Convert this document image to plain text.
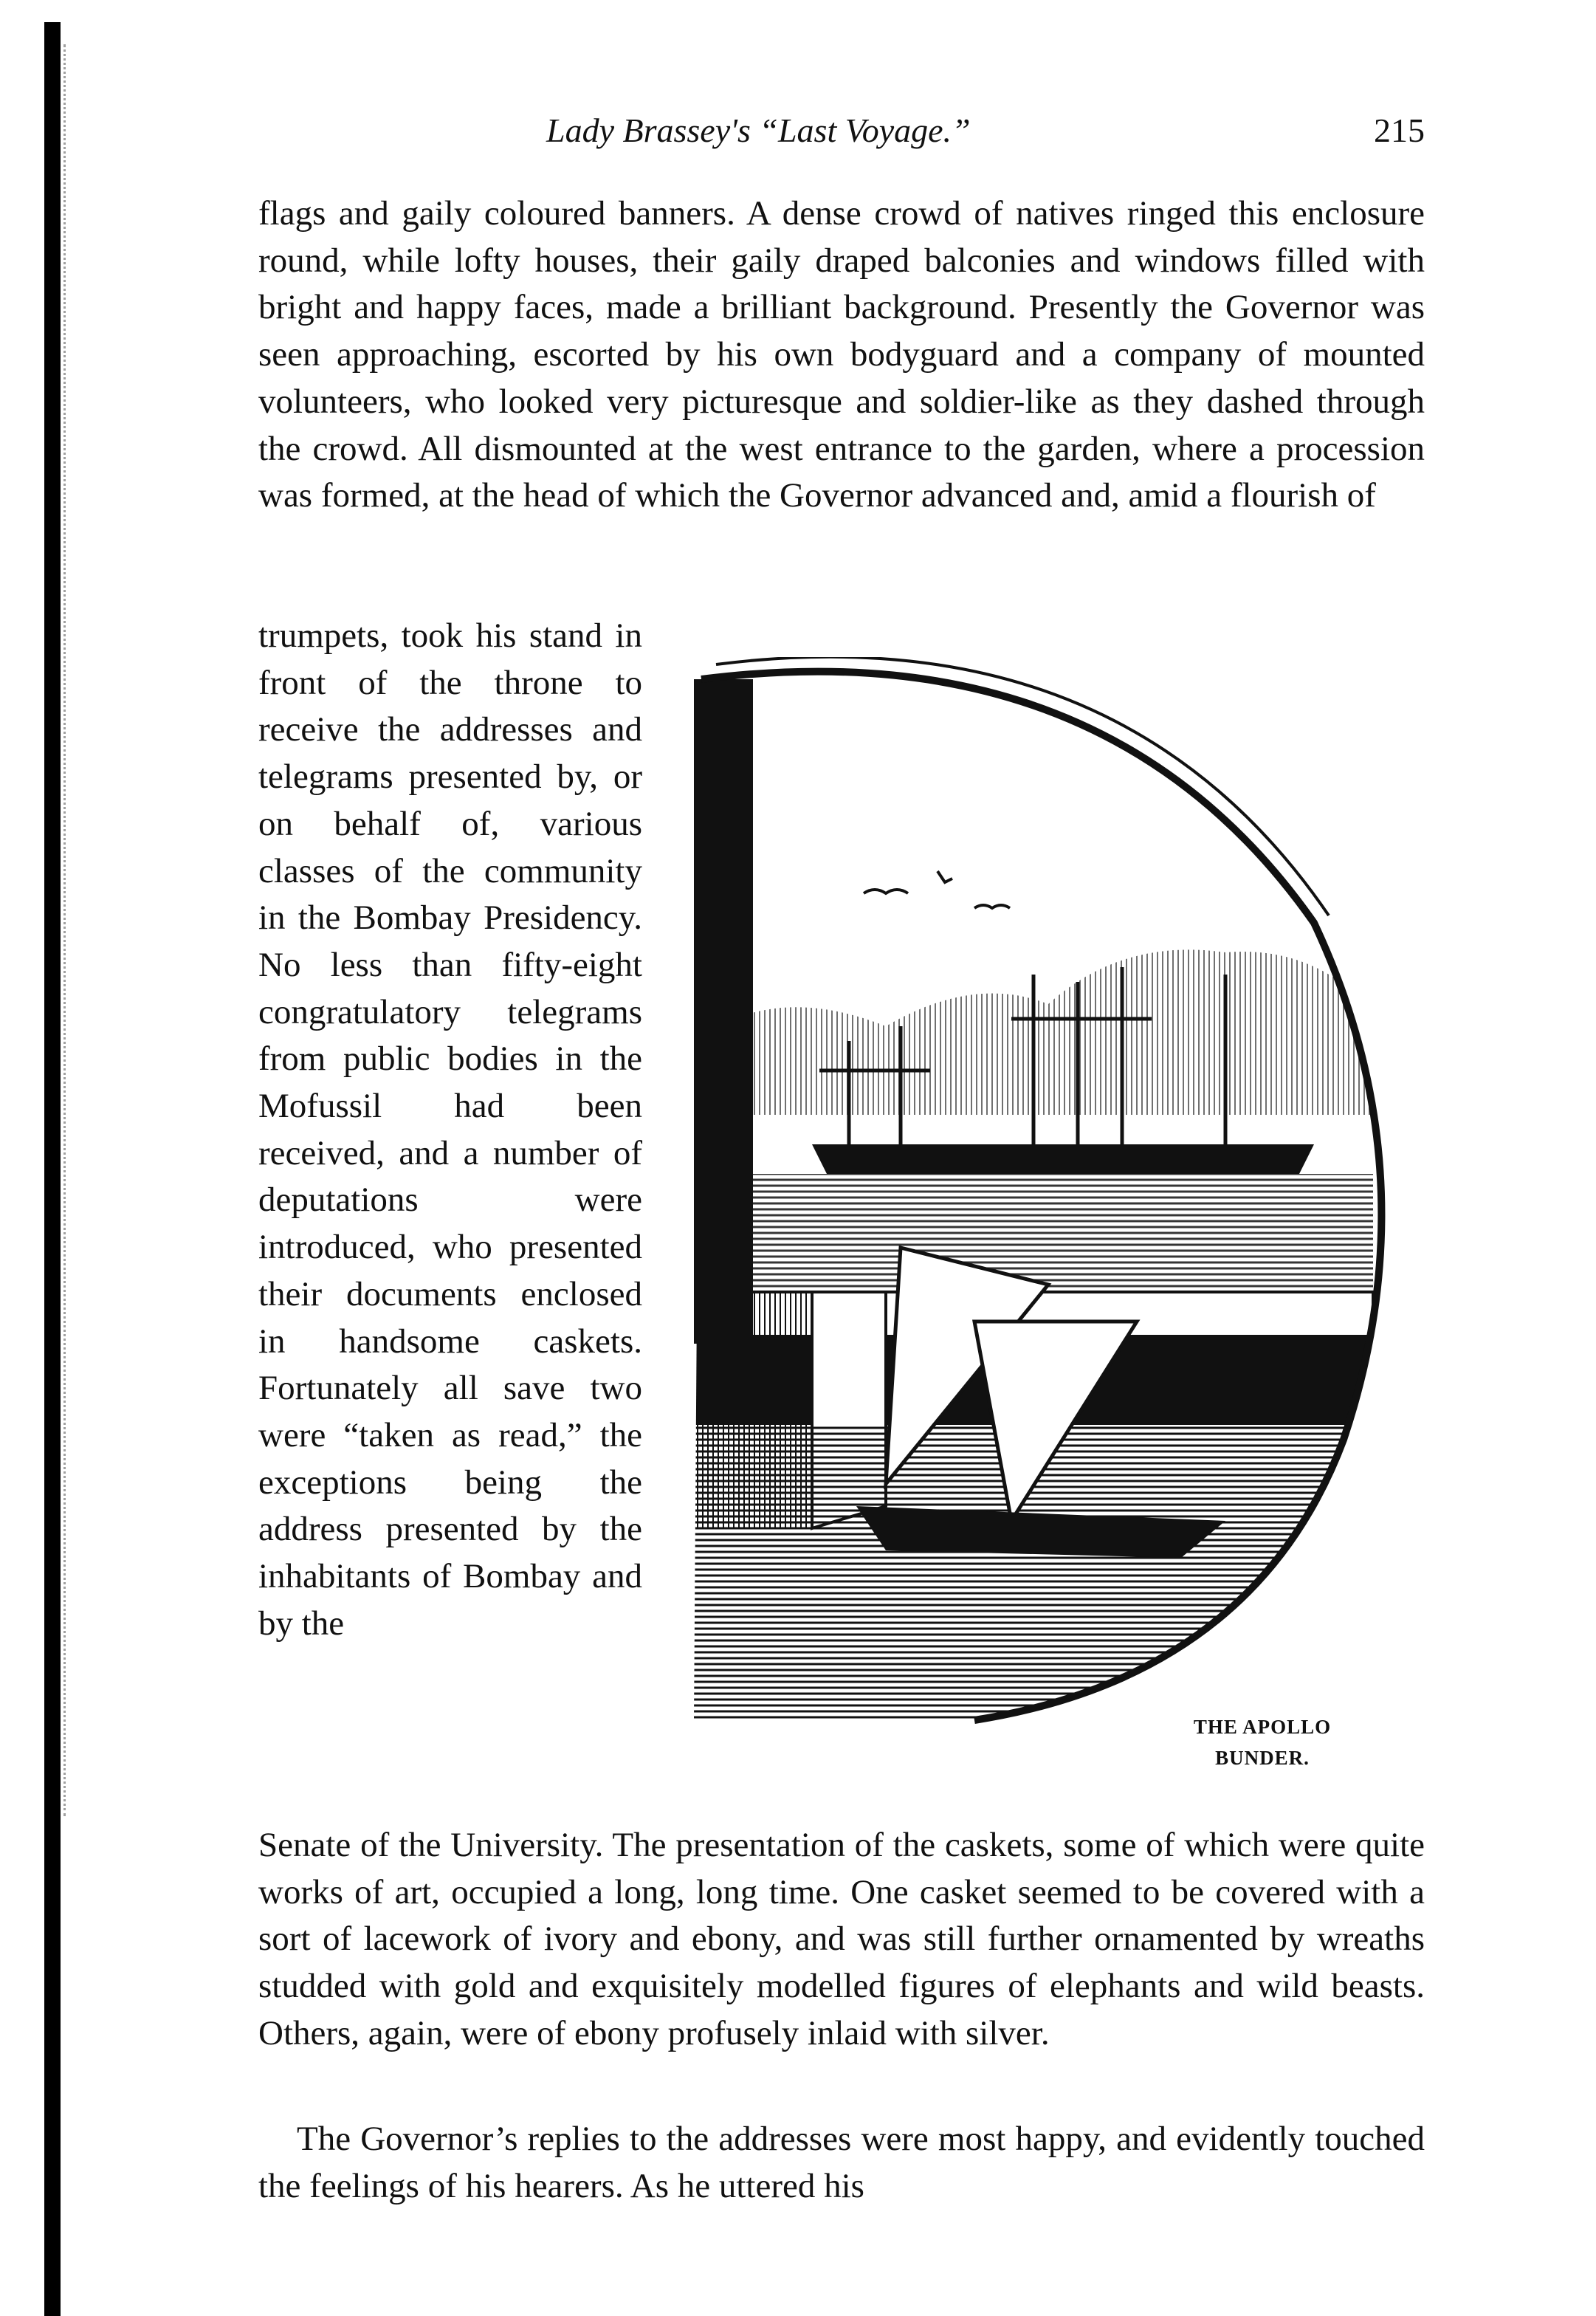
Lady Brassey's “Last Voyage.”	215

flags and gaily coloured banners. A dense crowd of natives ringed this enclosure round, while lofty houses, their gaily draped balconies and windows filled with bright and happy faces, made a brilliant background. Presently the Governor was seen approaching, escorted by his own bodyguard and a company of mounted volunteers, who looked very picturesque and soldier-like as they dashed through the crowd. All dismounted at the west entrance to the garden, where a procession was formed, at the head of which the Governor advanced and, amid a flourish of

trumpets, took his stand in front of the throne to receive the addresses and telegrams presented by, or on behalf of, various classes of the community in the Bombay Presidency. No less than fifty-eight congratulatory telegrams from public bodies in the Mofussil had been received, and a number of deputations were introduced, who presented their documents enclosed in handsome caskets. Fortunately all save two were “taken as read,” the exceptions being the address presented by the inhabitants of Bombay and by the

THE APOLLO
BUNDER.

Senate of the University. The presentation of the caskets, some of which were quite works of art, occupied a long, long time. One casket seemed to be covered with a sort of lacework of ivory and ebony, and was still further ornamented by wreaths studded with gold and exquisitely modelled figures of elephants and wild beasts. Others, again, were of ebony profusely inlaid with silver.

The Governor’s replies to the addresses were most happy, and evidently touched the feelings of his hearers. As he uttered his
